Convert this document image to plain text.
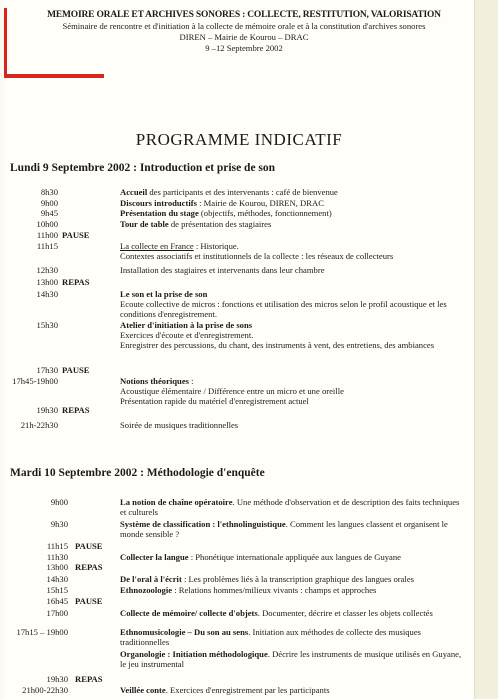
MEMOIRE ORALE ET ARCHIVES SONORES : COLLECTE, RESTITUTION, VALORISATION
Séminaire de rencontre et d'initiation à la collecte de mémoire orale et à la constitution d'archives sonores
DIREN – Mairie de Kourou – DRAC
9 –12 Septembre 2002
PROGRAMME INDICATIF
Lundi 9 Septembre 2002 : Introduction et prise de son
8h30	Accueil des participants et des intervenants : café de bienvenue
9h00	Discours introductifs : Mairie de Kourou, DIREN, DRAC
9h45	Présentation du stage (objectifs, méthodes, fonctionnement)
10h00	Tour de table de présentation des stagiaires
11h00 PAUSE
11h15	La collecte en France : Historique.
Contextes associatifs et institutionnels de la collecte : les réseaux de collecteurs
12h30	Installation des stagiaires et intervenants dans leur chambre
13h00 REPAS
14h30	Le son et la prise de son
Ecoute collective de micros : fonctions et utilisation des micros selon le profil acoustique et les conditions d'enregistrement.
15h30	Atelier d'initiation à la prise de sons
Exercices d'écoute et d'enregistrement.
Enregistrer des percussions, du chant, des instruments à vent, des entretiens, des ambiances
17h30 PAUSE
17h45-19h00	Notions théoriques :
Acoustique élémentaire / Différence entre un micro et une oreille
Présentation rapide du matériel d'enregistrement actuel
19h30 REPAS
21h-22h30	Soirée de musiques traditionnelles
Mardi 10 Septembre 2002 : Méthodologie d'enquête
9h00	La notion de chaîne opératoire. Une méthode d'observation et de description des faits techniques et culturels
9h30	Système de classification : l'ethnolinguistique. Comment les langues classent et organisent le monde sensible ?
11h15 PAUSE
11h30	Collecter la langue : Phonétique internationale appliquée aux langues de Guyane
13h00 REPAS
14h30	De l'oral à l'écrit : Les problèmes liés à la transcription graphique des langues orales
15h15	Ethnozoologie : Relations hommes/milieux vivants : champs et approches
16h45 PAUSE
17h00	Collecte de mémoire/ collecte d'objets. Documenter, décrire et classer les objets collectés
17h15 – 19h00	Ethnomusicologie – Du son au sens. Initiation aux méthodes de collecte des musiques traditionnelles
Organologie : Initiation méthodologique. Décrire les instruments de musique utilisés en Guyane, le jeu instrumental
19h30 REPAS
21h00-22h30	Veillée conte. Exercices d'enregistrement par les participants
